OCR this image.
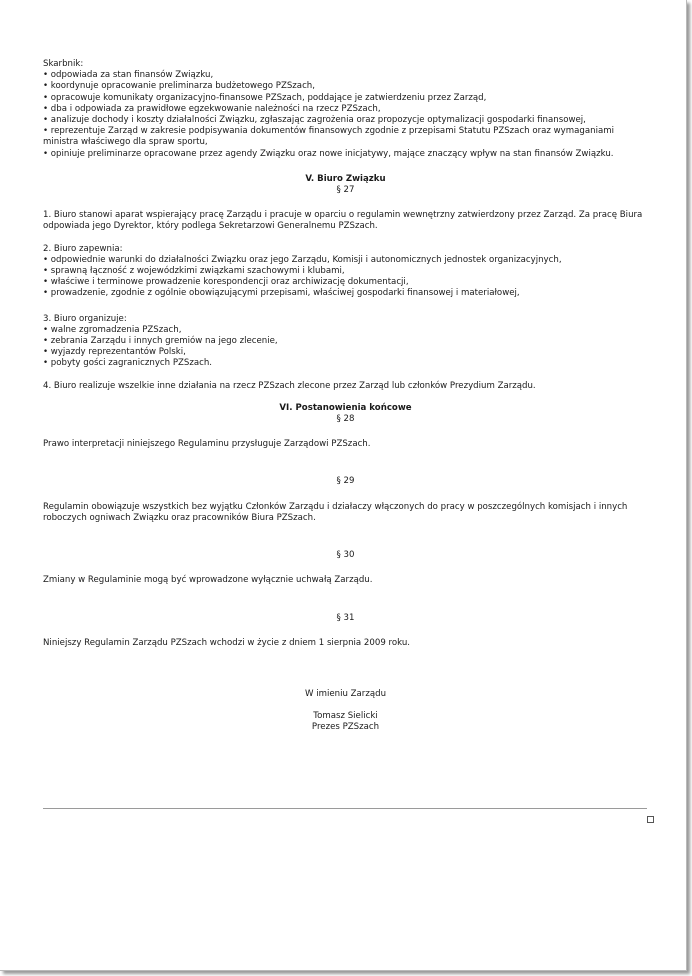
Skarbnik:

• odpowiada za stan finansów Związku,

• koordynuje opracowanie preliminarza budżetowego PZSzach,

• opracowuje komunikaty organizacyjno-finansowe PZSzach, poddające je zatwierdzeniu przez Zarząd,

• dba i odpowiada za prawidłowe egzekwowanie należności na rzecz PZSzach,

• analizuje dochody i koszty działalności Związku, zgłaszając zagrożenia oraz propozycje optymalizacji gospodarki finansowej,

• reprezentuje Zarząd w zakresie podpisywania dokumentów finansowych zgodnie z przepisami Statutu PZSzach oraz wymaganiami ministra właściwego dla spraw sportu,

• opiniuje preliminarze opracowane przez agendy Związku oraz nowe inicjatywy, mające znaczący wpływ na stan finansów Związku.

V. Biuro Związku

§ 27

1. Biuro stanowi aparat wspierający pracę Zarządu i pracuje w oparciu o regulamin wewnętrzny zatwierdzony przez Zarząd. Za pracę Biura odpowiada jego Dyrektor, który podlega Sekretarzowi Generalnemu PZSzach.

2. Biuro zapewnia:

• odpowiednie warunki do działalności Związku oraz jego Zarządu, Komisji i autonomicznych jednostek organizacyjnych,

• sprawną łączność z wojewódzkimi związkami szachowymi i klubami,

• właściwe i terminowe prowadzenie korespondencji oraz archiwizację dokumentacji,

• prowadzenie, zgodnie z ogólnie obowiązującymi przepisami, właściwej gospodarki finansowej i materiałowej,

3. Biuro organizuje:

• walne zgromadzenia PZSzach,

• zebrania Zarządu i innych gremiów na jego zlecenie,

• wyjazdy reprezentantów Polski,

• pobyty gości zagranicznych PZSzach.

4. Biuro realizuje wszelkie inne działania na rzecz PZSzach zlecone przez Zarząd lub członków Prezydium Zarządu.

VI. Postanowienia końcowe

§ 28

Prawo interpretacji niniejszego Regulaminu przysługuje Zarządowi PZSzach.

§ 29

Regulamin obowiązuje wszystkich bez wyjątku Członków Zarządu i działaczy włączonych do pracy w poszczególnych komisjach i innych roboczych ogniwach Związku oraz pracowników Biura PZSzach.

§ 30

Zmiany w Regulaminie mogą być wprowadzone wyłącznie uchwałą Zarządu.

§ 31

Niniejszy Regulamin Zarządu PZSzach wchodzi w życie z dniem 1 sierpnia 2009 roku.

W imieniu Zarządu

Tomasz Sielicki

Prezes PZSzach
